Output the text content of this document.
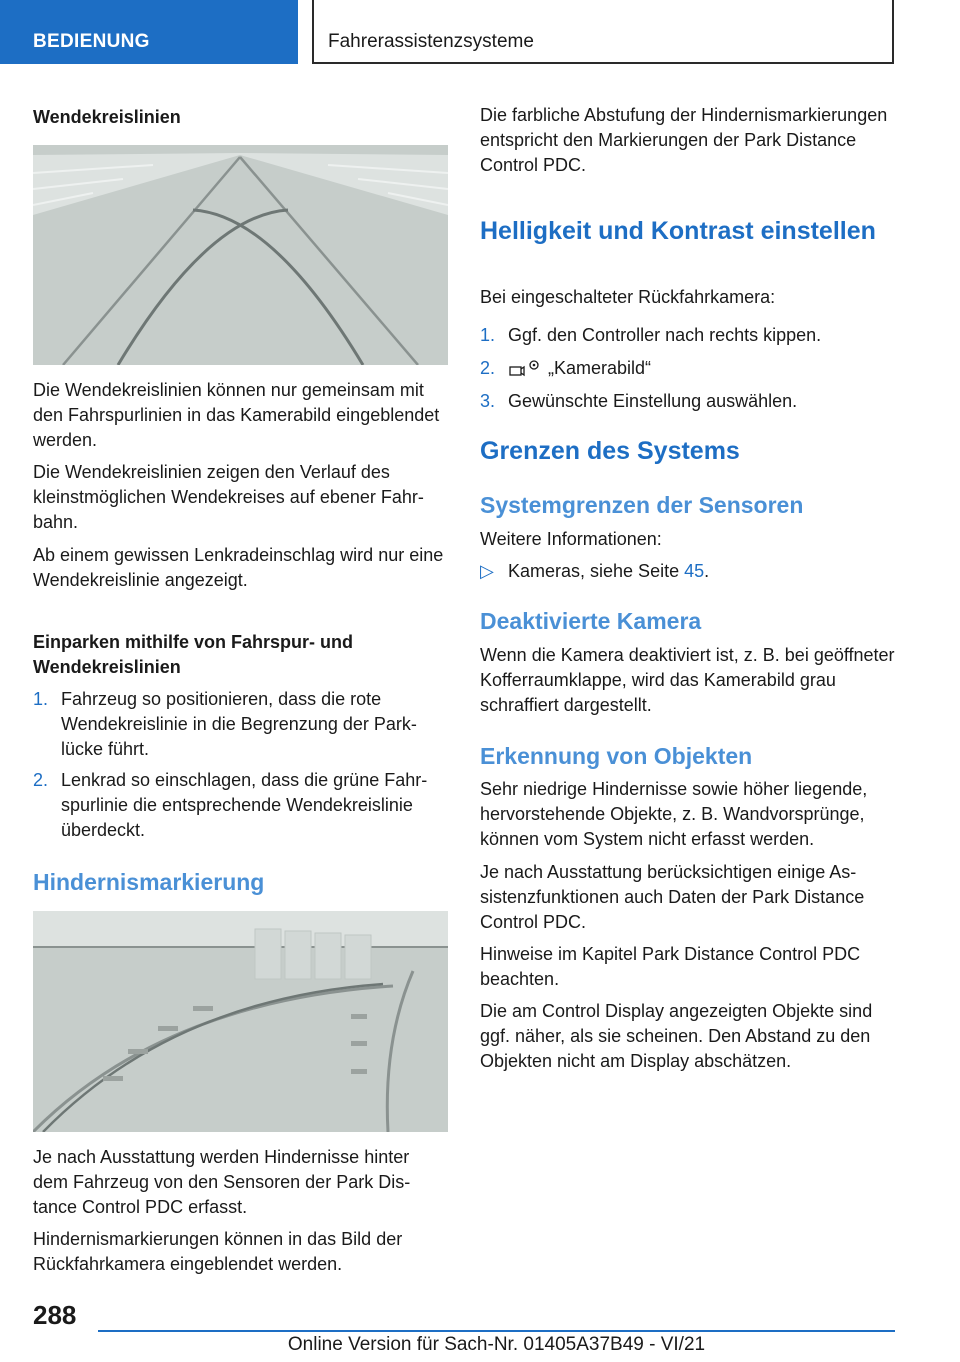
BEDIENUNG	Fahrerassistenzsysteme
Wendekreislinien

Die Wendekreislinien können nur gemeinsam mit den Fahrspurlinien in das Kamerabild eingeblendet werden.

Die Wendekreislinien zeigen den Verlauf des kleinstmöglichen Wendekreises auf ebener Fahrbahn.

Ab einem gewissen Lenkradeinschlag wird nur eine Wendekreislinie angezeigt.

Einparken mithilfe von Fahrspur- und Wendekreislinien
1. Fahrzeug so positionieren, dass die rote Wendekreislinie in die Begrenzung der Parklücke führt.
2. Lenkrad so einschlagen, dass die grüne Fahrspurlinie die entsprechende Wendekreislinie überdeckt.
Hindernismarkierung

Je nach Ausstattung werden Hindernisse hinter dem Fahrzeug von den Sensoren der Park Distance Control PDC erfasst.

Hindernismarkierungen können in das Bild der Rückfahrkamera eingeblendet werden.

Die farbliche Abstufung der Hindernismarkierungen entspricht den Markierungen der Park Distance Control PDC.

Helligkeit und Kontrast einstellen

Bei eingeschalteter Rückfahrkamera:

1. Ggf. den Controller nach rechts kippen.
2.	„Kamerabild“
3. Gewünschte Einstellung auswählen.
Grenzen des Systems
Systemgrenzen der Sensoren

Weitere Informationen:

▷ Kameras, siehe Seite 45.
Deaktivierte Kamera

Wenn die Kamera deaktiviert ist, z. B. bei geöffneter Kofferraumklappe, wird das Kamerabild grau schraffiert dargestellt.

Erkennung von Objekten

Sehr niedrige Hindernisse sowie höher liegende, hervorstehende Objekte, z. B. Wandvorsprünge, können vom System nicht erfasst werden.

Je nach Ausstattung berücksichtigen einige Assistenzfunktionen auch Daten der Park Distance Control PDC.

Hinweise im Kapitel Park Distance Control PDC beachten.

Die am Control Display angezeigten Objekte sind ggf. näher, als sie scheinen. Den Abstand zu den Objekten nicht am Display abschätzen.

288
Online Version für Sach-Nr. 01405A37B49 - VI/21
